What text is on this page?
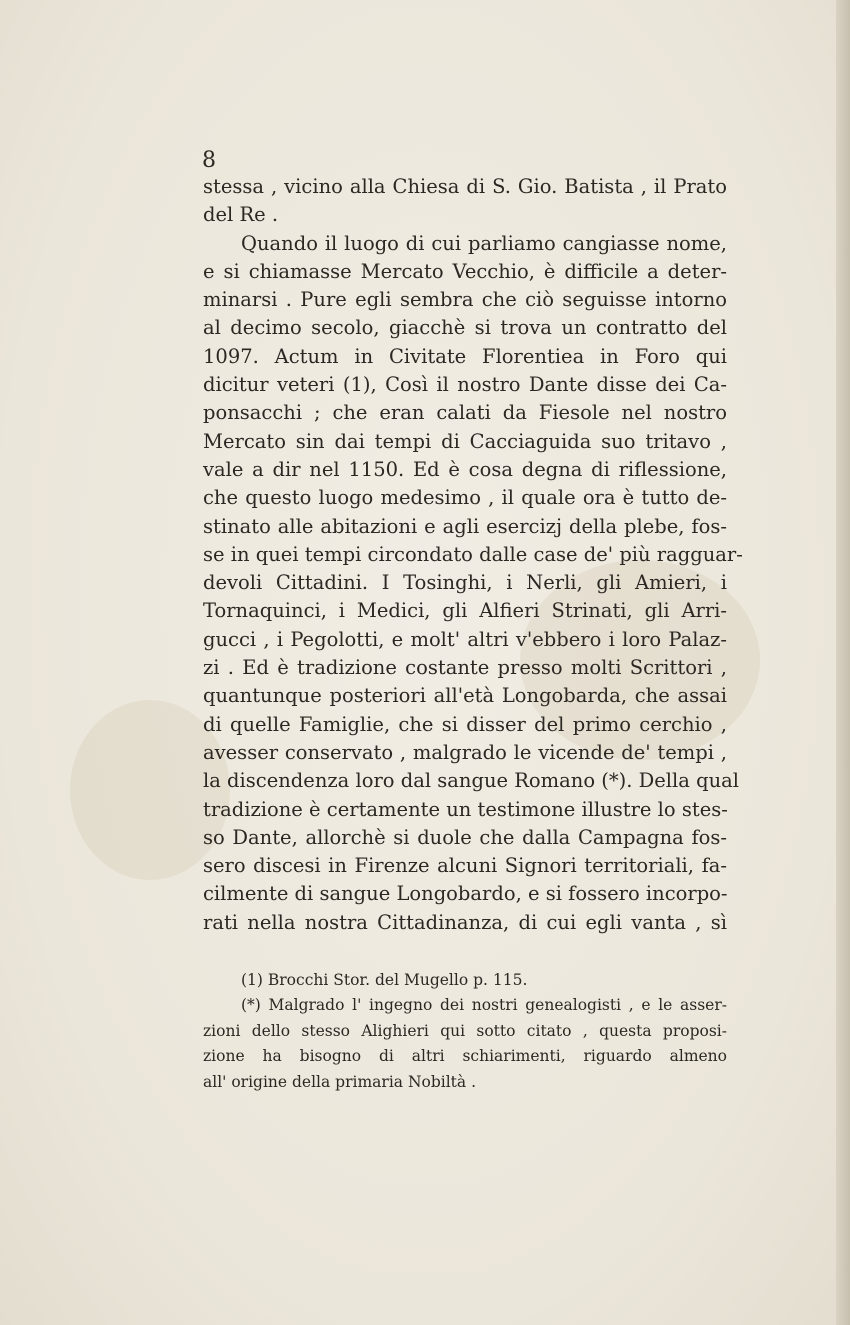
8
stessa , vicino alla Chiesa di S. Gio. Batista , il Prato
del Re .
Quando il luogo di cui parliamo cangiasse nome,
e si chiamasse Mercato Vecchio, è difficile a deter-
minarsi . Pure egli sembra che ciò seguisse intorno
al decimo secolo, giacchè si trova un contratto del
1097. Actum in Civitate Florentiea in Foro qui
dicitur veteri (1), Così il nostro Dante disse dei Ca-
ponsacchi ; che eran calati da Fiesole nel nostro
Mercato sin dai tempi di Cacciaguida suo tritavo ,
vale a dir nel 1150. Ed è cosa degna di riflessione,
che questo luogo medesimo , il quale ora è tutto de-
stinato alle abitazioni e agli esercizj della plebe, fos-
se in quei tempi circondato dalle case de' più ragguar-
devoli Cittadini. I Tosinghi, i Nerli, gli Amieri, i
Tornaquinci, i Medici, gli Alfieri Strinati, gli Arri-
gucci , i Pegolotti, e molt' altri v'ebbero i loro Palaz-
zi . Ed è tradizione costante presso molti Scrittori ,
quantunque posteriori all'età Longobarda, che assai
di quelle Famiglie, che si disser del primo cerchio ,
avesser conservato , malgrado le vicende de' tempi ,
la discendenza loro dal sangue Romano (*). Della qual
tradizione è certamente un testimone illustre lo stes-
so Dante, allorchè si duole che dalla Campagna fos-
sero discesi in Firenze alcuni Signori territoriali, fa-
cilmente di sangue Longobardo, e si fossero incorpo-
rati nella nostra Cittadinanza, di cui egli vanta , sì
(1) Brocchi Stor. del Mugello p. 115.
(*) Malgrado l' ingegno dei nostri genealogisti , e le asser-
zioni dello stesso Alighieri qui sotto citato , questa proposi-
zione ha bisogno di altri schiarimenti, riguardo almeno
all' origine della primaria Nobiltà .
